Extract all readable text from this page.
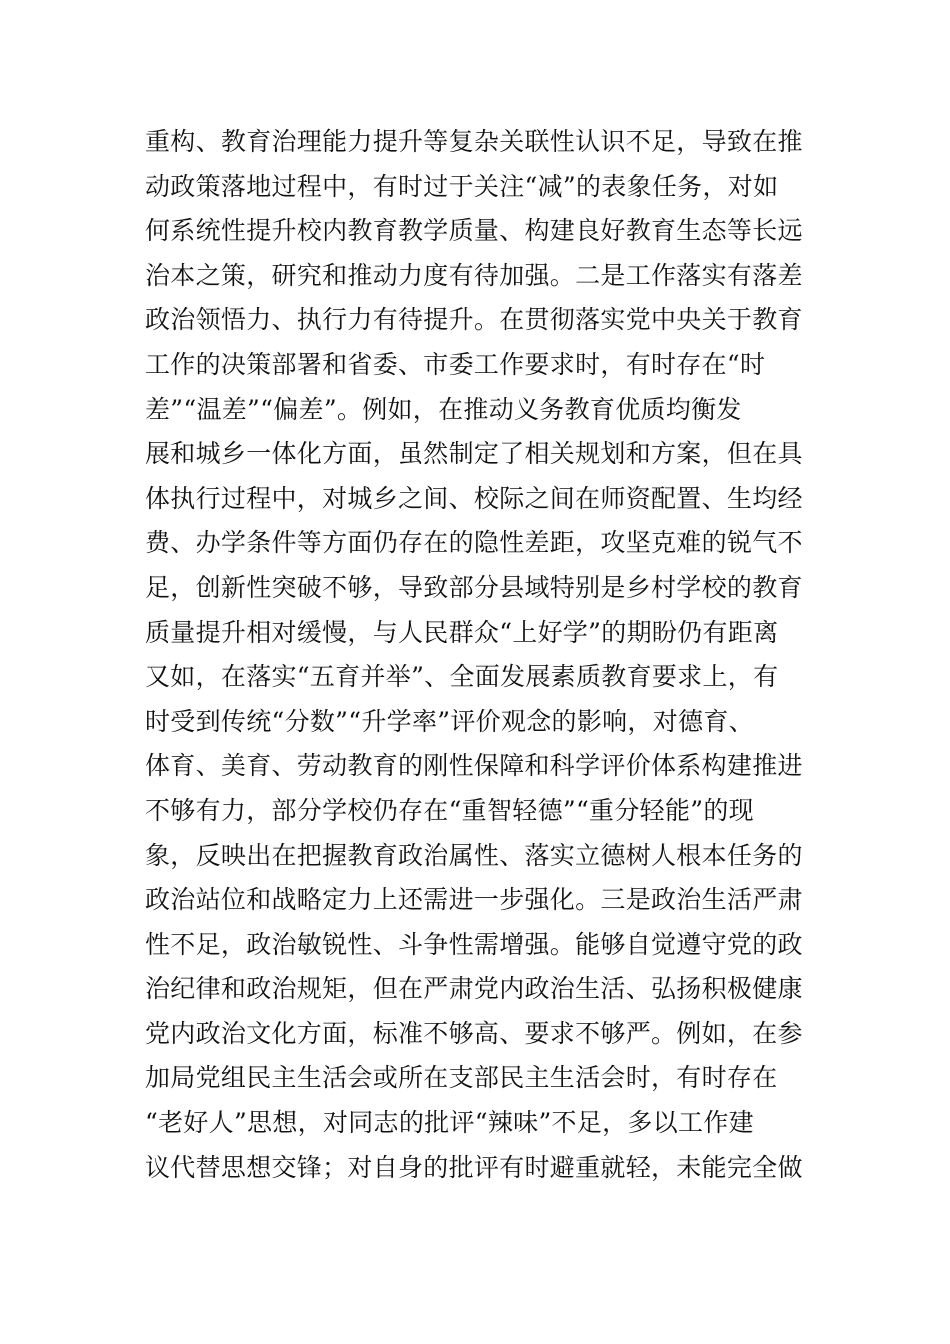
重构、教育治理能力提升等复杂关联性认识不足，导致在推
动政策落地过程中，有时过于关注“减”的表象任务，对如
何系统性提升校内教育教学质量、构建良好教育生态等长远
治本之策，研究和推动力度有待加强。二是工作落实有落差
政治领悟力、执行力有待提升。在贯彻落实党中央关于教育
工作的决策部署和省委、市委工作要求时，有时存在“时
差”“温差”“偏差”。例如，在推动义务教育优质均衡发
展和城乡一体化方面，虽然制定了相关规划和方案，但在具
体执行过程中，对城乡之间、校际之间在师资配置、生均经
费、办学条件等方面仍存在的隐性差距，攻坚克难的锐气不
足，创新性突破不够，导致部分县域特别是乡村学校的教育
质量提升相对缓慢，与人民群众“上好学”的期盼仍有距离
又如，在落实“五育并举”、全面发展素质教育要求上，有
时受到传统“分数”“升学率”评价观念的影响，对德育、
体育、美育、劳动教育的刚性保障和科学评价体系构建推进
不够有力，部分学校仍存在“重智轻德”“重分轻能”的现
象，反映出在把握教育政治属性、落实立德树人根本任务的
政治站位和战略定力上还需进一步强化。三是政治生活严肃
性不足，政治敏锐性、斗争性需增强。能够自觉遵守党的政
治纪律和政治规矩，但在严肃党内政治生活、弘扬积极健康
党内政治文化方面，标准不够高、要求不够严。例如，在参
加局党组民主生活会或所在支部民主生活会时，有时存在
“老好人”思想，对同志的批评“辣味”不足，多以工作建
议代替思想交锋；对自身的批评有时避重就轻，未能完全做
